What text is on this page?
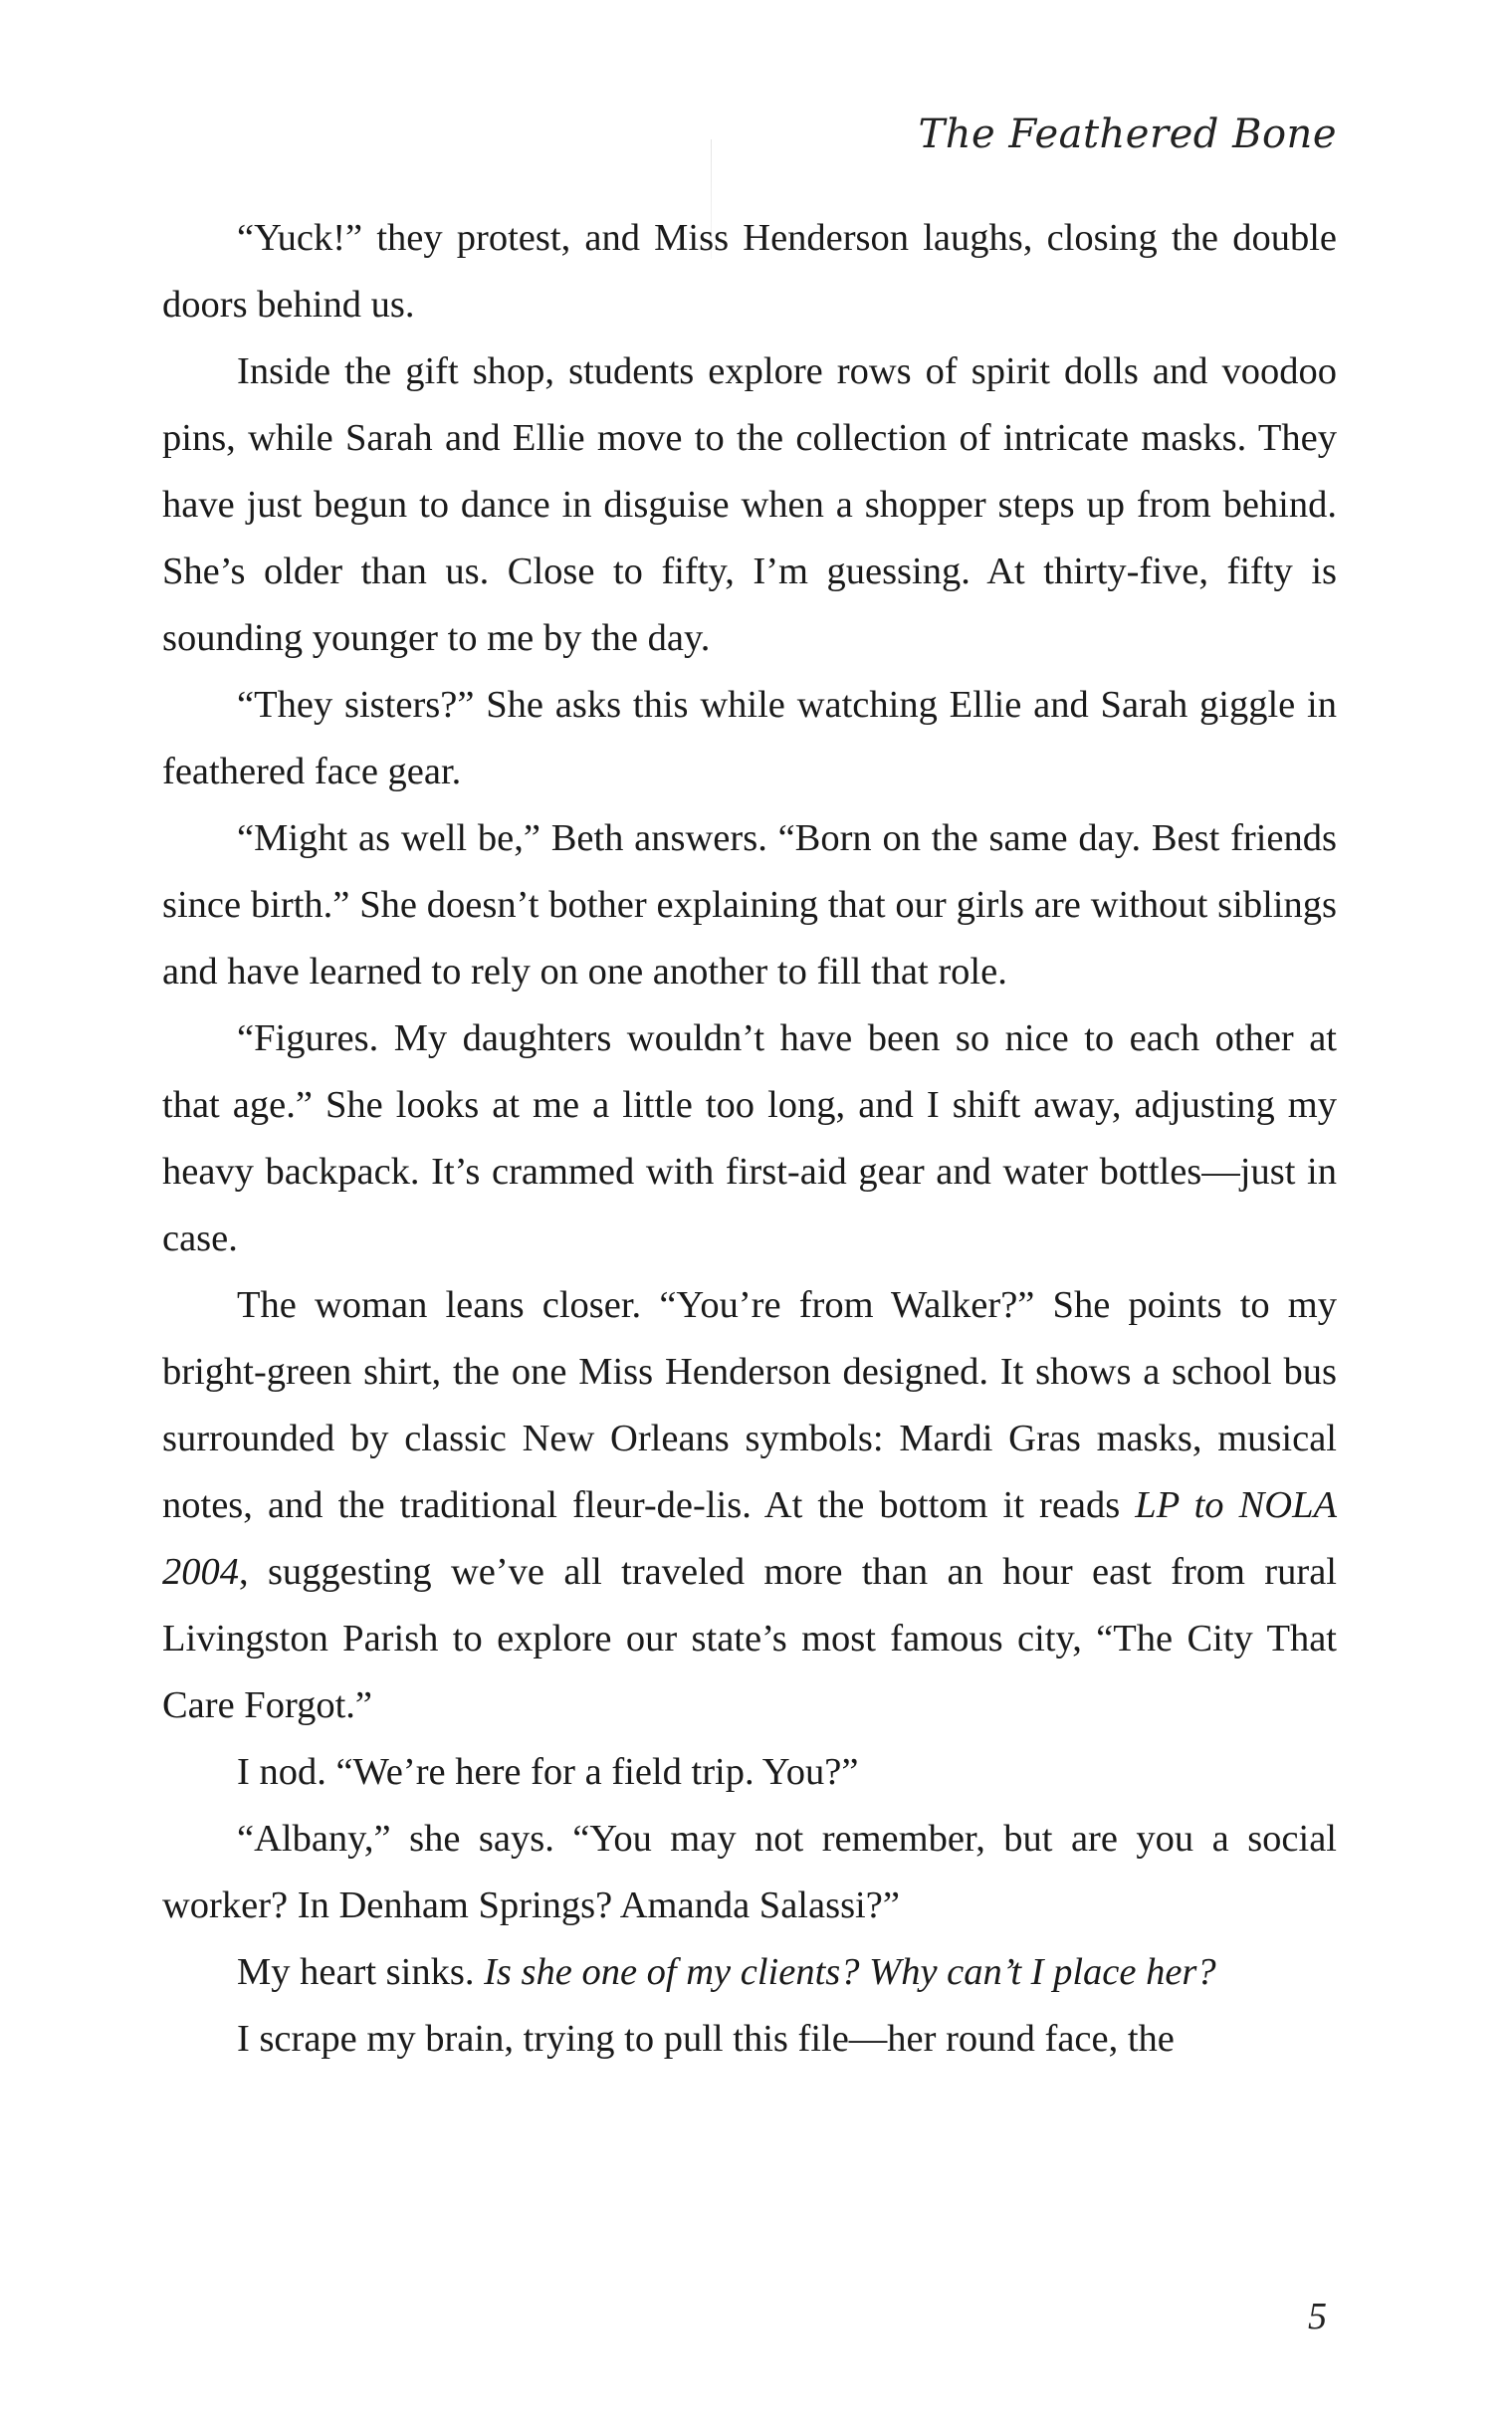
The Feathered Bone

“Yuck!” they protest, and Miss Henderson laughs, closing the double doors behind us.

Inside the gift shop, students explore rows of spirit dolls and voodoo pins, while Sarah and Ellie move to the collection of intricate masks. They have just begun to dance in disguise when a shopper steps up from behind. She’s older than us. Close to fifty, I’m guessing. At thirty-five, fifty is sounding younger to me by the day.

“They sisters?” She asks this while watching Ellie and Sarah giggle in feathered face gear.

“Might as well be,” Beth answers. “Born on the same day. Best friends since birth.” She doesn’t bother explaining that our girls are without siblings and have learned to rely on one another to fill that role.

“Figures. My daughters wouldn’t have been so nice to each other at that age.” She looks at me a little too long, and I shift away, adjusting my heavy backpack. It’s crammed with first-aid gear and water bottles—just in case.

The woman leans closer. “You’re from Walker?” She points to my bright-green shirt, the one Miss Henderson designed. It shows a school bus surrounded by classic New Orleans symbols: Mardi Gras masks, musical notes, and the traditional fleur-de-lis. At the bottom it reads LP to NOLA 2004, suggesting we’ve all traveled more than an hour east from rural Livingston Parish to explore our state’s most famous city, “The City That Care Forgot.”

I nod. “We’re here for a field trip. You?”

“Albany,” she says. “You may not remember, but are you a social worker? In Denham Springs? Amanda Salassi?”

My heart sinks. Is she one of my clients? Why can’t I place her?

I scrape my brain, trying to pull this file—her round face, the

5
